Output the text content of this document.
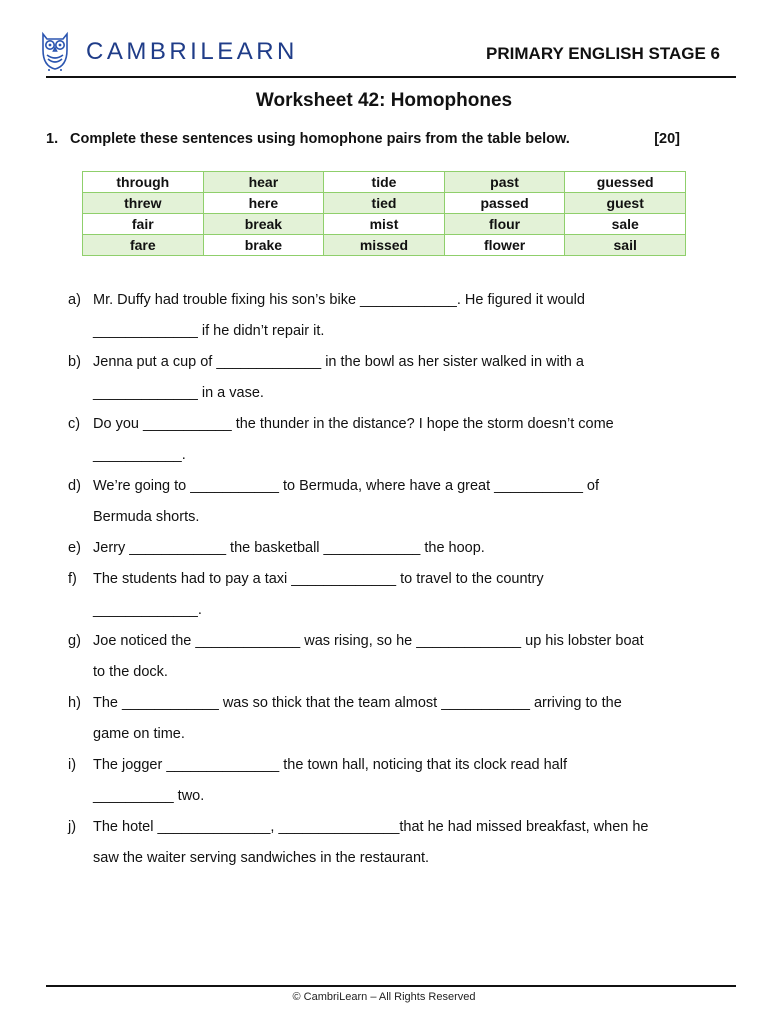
CAMBRILEARN	PRIMARY ENGLISH STAGE 6
Worksheet 42: Homophones
1. Complete these sentences using homophone pairs from the table below.	[20]
through	hear	tide	past	guessed
threw	here	tied	passed	guest
fair	break	mist	flour	sale
fare	brake	missed	flower	sail
a) Mr. Duffy had trouble fixing his son’s bike ____________. He figured it would
_____________ if he didn’t repair it.
b) Jenna put a cup of _____________ in the bowl as her sister walked in with a
_____________ in a vase.
c) Do you ___________ the thunder in the distance? I hope the storm doesn’t come
___________.
d) We’re going to ___________ to Bermuda, where have a great ___________ of
Bermuda shorts.
e) Jerry ____________ the basketball ____________ the hoop.
f)	The students had to pay a taxi _____________ to travel to the country
_____________.
g) Joe noticed the _____________ was rising, so he _____________ up his lobster boat
to the dock.
h) The ____________ was so thick that the team almost ___________ arriving to the
game on time.
i)	The jogger ______________ the town hall, noticing that its clock read half
__________ two.
j)	The hotel ______________, _______________that he had missed breakfast, when he
saw the waiter serving sandwiches in the restaurant.
© CambriLearn – All Rights Reserved
